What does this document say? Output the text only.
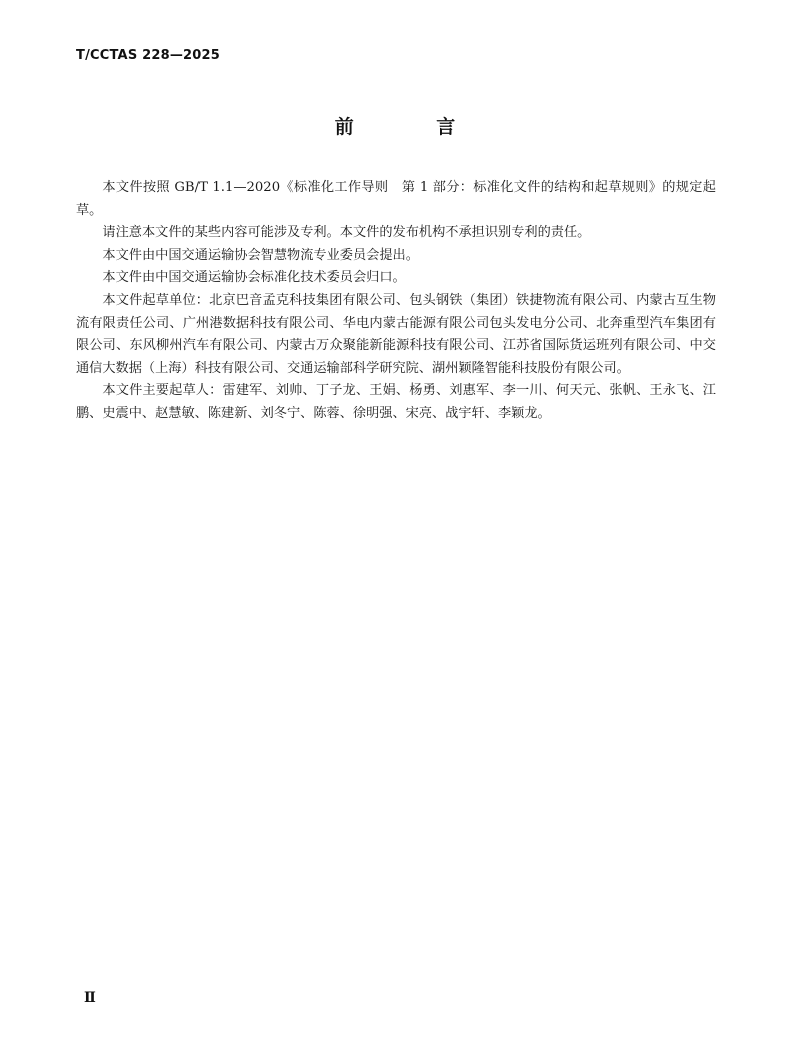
T/CCTAS 228—2025
前 言

本文件按照 GB/T 1.1—2020《标准化工作导则　第 1 部分：标准化文件的结构和起草规则》的规定起草。

请注意本文件的某些内容可能涉及专利。本文件的发布机构不承担识别专利的责任。

本文件由中国交通运输协会智慧物流专业委员会提出。

本文件由中国交通运输协会标准化技术委员会归口。

本文件起草单位：北京巴音孟克科技集团有限公司、包头钢铁（集团）铁捷物流有限公司、内蒙古互生物流有限责任公司、广州港数据科技有限公司、华电内蒙古能源有限公司包头发电分公司、北奔重型汽车集团有限公司、东风柳州汽车有限公司、内蒙古万众聚能新能源科技有限公司、江苏省国际货运班列有限公司、中交通信大数据（上海）科技有限公司、交通运输部科学研究院、湖州颖隆智能科技股份有限公司。

本文件主要起草人：雷建军、刘帅、丁子龙、王娟、杨勇、刘惠军、李一川、何天元、张帆、王永飞、江鹏、史震中、赵慧敏、陈建新、刘冬宁、陈蓉、徐明强、宋亮、战宇轩、李颖龙。

Ⅱ
